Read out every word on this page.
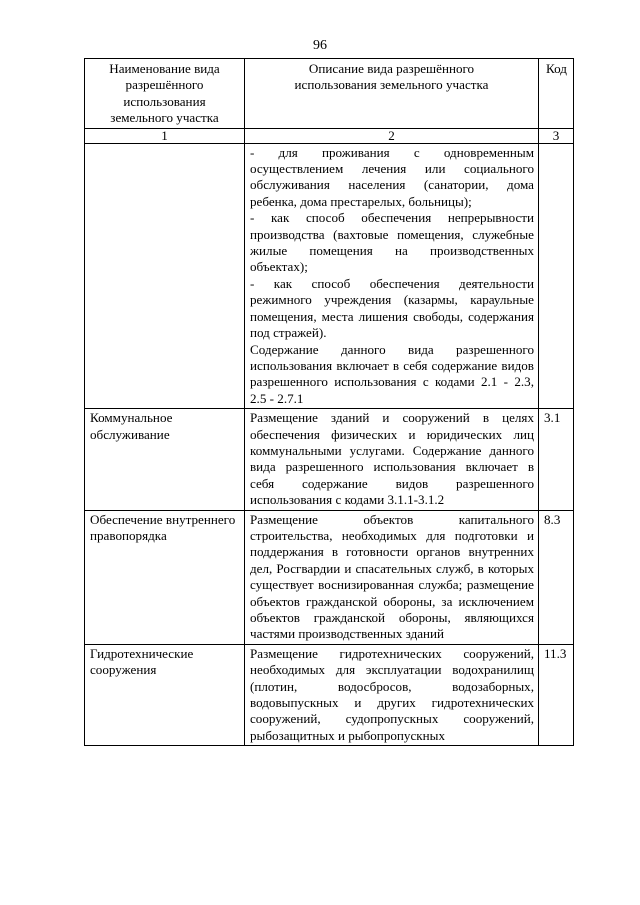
96
Наименование вида разрешённого использования земельного участка	Описание вида разрешённого использования земельного участка	Код
1	2	3

	- для проживания с одновременным осуществлением лечения или социального обслуживания населения (санатории, дома ребенка, дома престарелых, больницы);

- как способ обеспечения непрерывности производства (вахтовые помещения, служебные жилые помещения на производственных объектах);

- как способ обеспечения деятельности режимного учреждения (казармы, караульные помещения, места лишения свободы, содержания под стражей).

Содержание данного вида разрешенного использования включает в себя содержание видов разрешенного использования с кодами 2.1 - 2.3, 2.5 - 2.7.1	

Коммунальное обслуживание	Размещение зданий и сооружений в целях обеспечения физических и юридических лиц коммунальными услугами. Содержание данного вида разрешенного использования включает в себя содержание видов разрешенного использования с кодами 3.1.1-3.1.2	3.1
Обеспечение внутреннего правопорядка	Размещение объектов капитального строительства, необходимых для подготовки и поддержания в готовности органов внутренних дел, Росгвардии и спасательных служб, в которых существует воснизированная служба; размещение объектов гражданской обороны, за исключением объектов гражданской обороны, являющихся частями производственных зданий	8.3
Гидротехнические сооружения	Размещение гидротехнических сооружений, необходимых для эксплуатации водохранилищ (плотин, водосбросов, водозаборных, водовыпускных и других гидротехнических сооружений, судопропускных сооружений, рыбозащитных и рыбопропускных	11.3
